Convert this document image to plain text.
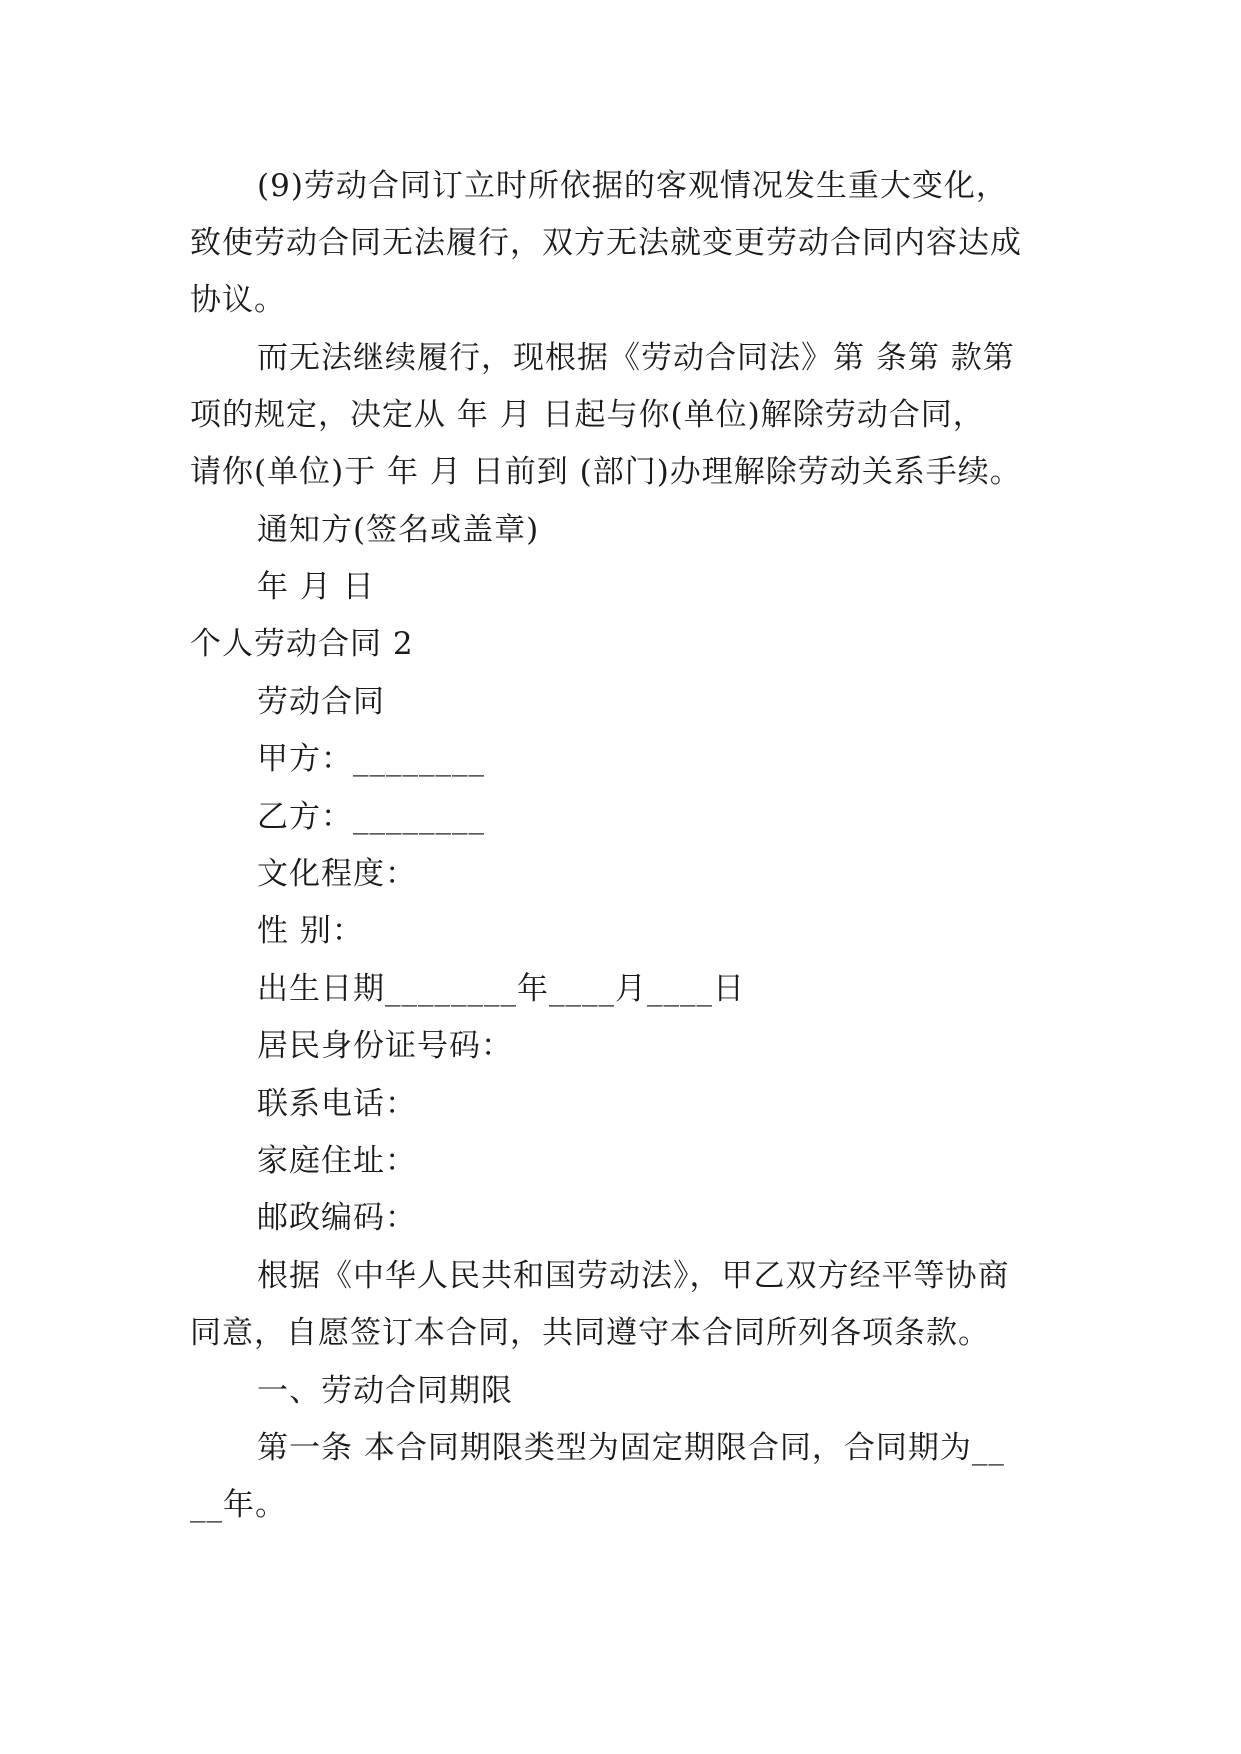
(9)劳动合同订立时所依据的客观情况发生重大变化，
致使劳动合同无法履行，双方无法就变更劳动合同内容达成
协议。
而无法继续履行，现根据《劳动合同法》第 条第 款第
项的规定，决定从 年 月 日起与你(单位)解除劳动合同，
请你(单位)于 年 月 日前到 (部门)办理解除劳动关系手续。
通知方(签名或盖章)
年 月 日
个人劳动合同 2
劳动合同
甲方：________
乙方：________
文化程度：
性 别：
出生日期________年____月____日
居民身份证号码：
联系电话：
家庭住址：
邮政编码：
根据《中华人民共和国劳动法》，甲乙双方经平等协商
同意，自愿签订本合同，共同遵守本合同所列各项条款。
一、劳动合同期限
第一条 本合同期限类型为固定期限合同，合同期为__
__年。
